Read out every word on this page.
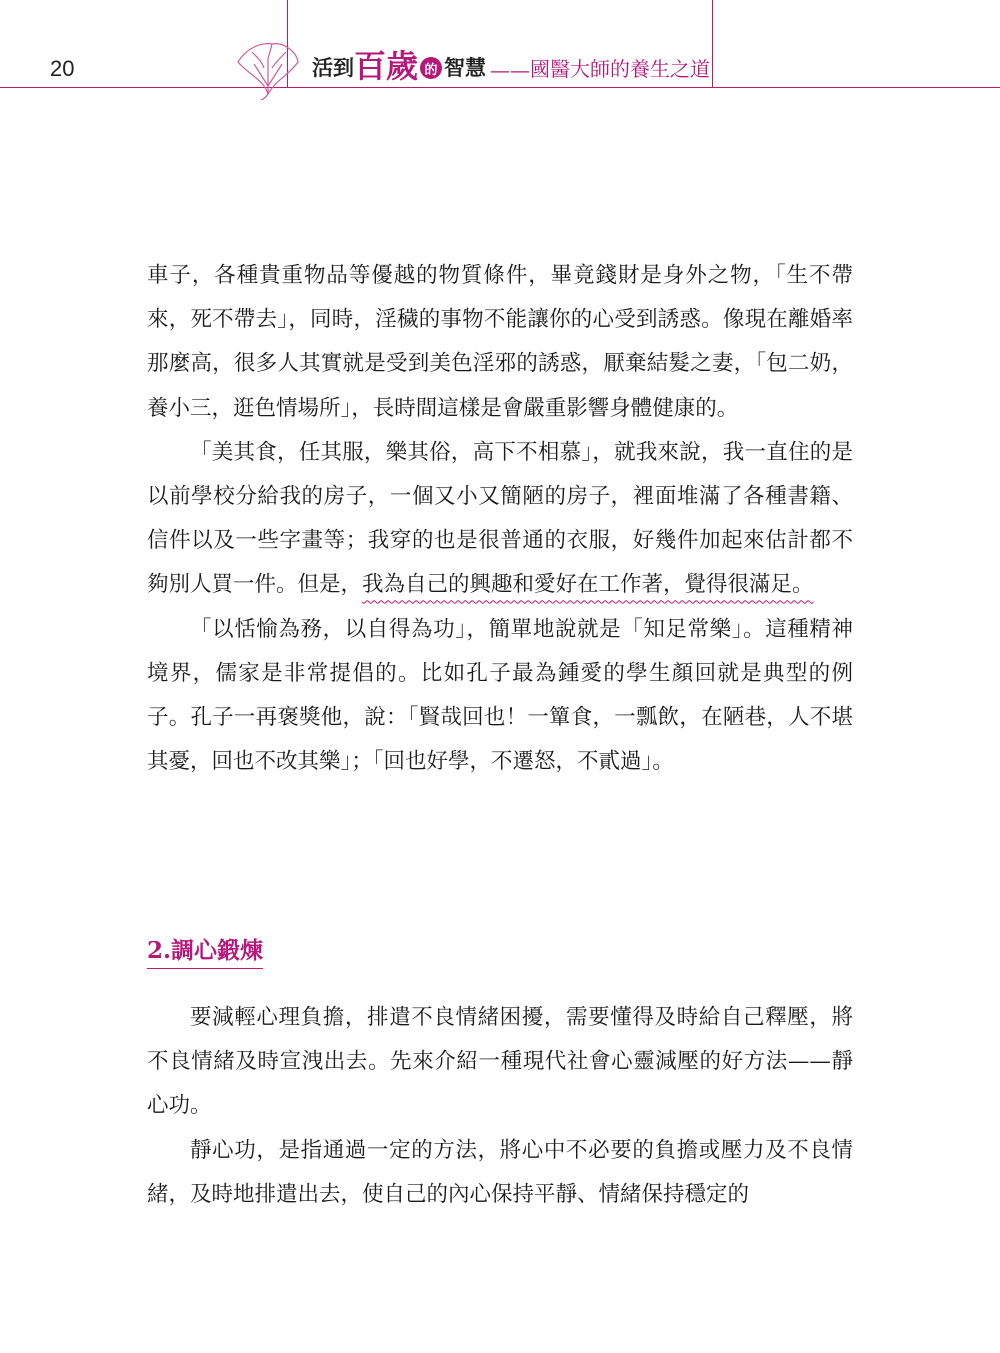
20	活到 百歲 的 智慧 —— 國醫大師的養生之道

車子，各種貴重物品等優越的物質條件，畢竟錢財是身外之物，「生不帶來，死不帶去」，同時，淫穢的事物不能讓你的心受到誘惑。像現在離婚率那麼高，很多人其實就是受到美色淫邪的誘惑，厭棄結髮之妻，「包二奶，養小三，逛色情場所」，長時間這樣是會嚴重影響身體健康的。

「美其食，任其服，樂其俗，高下不相慕」，就我來說，我一直住的是以前學校分給我的房子，一個又小又簡陋的房子，裡面堆滿了各種書籍、信件以及一些字畫等；我穿的也是很普通的衣服，好幾件加起來估計都不夠別人買一件。但是，我為自己的興趣和愛好在工作著，覺得很滿足。

「以恬愉為務，以自得為功」，簡單地說就是「知足常樂」。這種精神境界，儒家是非常提倡的。比如孔子最為鍾愛的學生顏回就是典型的例子。孔子一再褒獎他，說：「賢哉回也！一簞食，一瓢飲，在陋巷，人不堪其憂，回也不改其樂」；「回也好學，不遷怒，不貳過」。

2.調心鍛煉

要減輕心理負擔，排遣不良情緒困擾，需要懂得及時給自己釋壓，將不良情緒及時宣洩出去。先來介紹一種現代社會心靈減壓的好方法——靜心功。

靜心功，是指通過一定的方法，將心中不必要的負擔或壓力及不良情緒，及時地排遣出去，使自己的內心保持平靜、情緒保持穩定的
